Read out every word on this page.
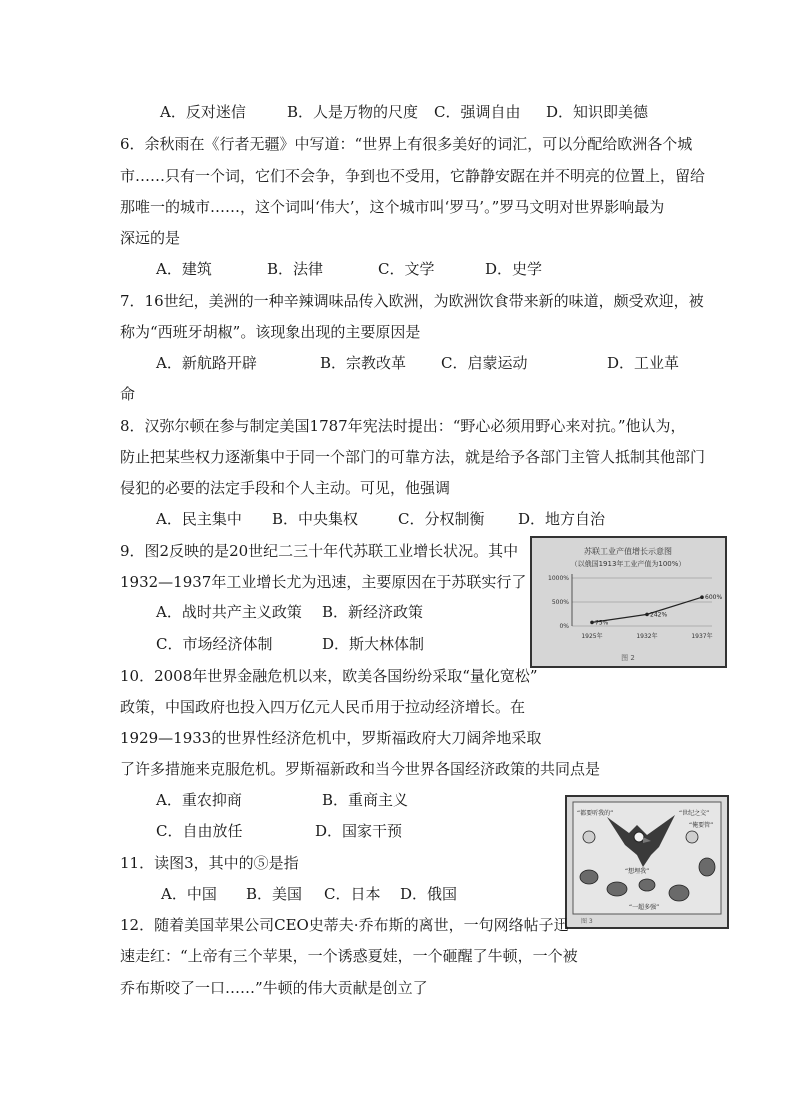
A．反对迷信	B．人是万物的尺度 C．强调自由 D．知识即美德
6．余秋雨在《行者无疆》中写道：“世界上有很多美好的词汇，可以分配给欧洲各个城
市……只有一个词，它们不会争，争到也不受用，它静静安踞在并不明亮的位置上，留给
那唯一的城市……，这个词叫‘伟大’，这个城市叫‘罗马’。”罗马文明对世界影响最为
深远的是
A．建筑	B．法律	C．文学	D．史学
7．16世纪，美洲的一种辛辣调味品传入欧洲，为欧洲饮食带来新的味道，颇受欢迎，被
称为“西班牙胡椒”。该现象出现的主要原因是
A．新航路开辟	B．宗教改革 C．启蒙运动	D．工业革
命
8．汉弥尔顿在参与制定美国1787年宪法时提出：“野心必须用野心来对抗。”他认为，
防止把某些权力逐渐集中于同一个部门的可靠方法，就是给予各部门主管人抵制其他部门
侵犯的必要的法定手段和个人主动。可见，他强调
A．民主集中 B．中央集权	C．分权制衡 D．地方自治
9．图2反映的是20世纪二三十年代苏联工业增长状况。其中
1932—1937年工业增长尤为迅速，主要原因在于苏联实行了
A．战时共产主义政策 B．新经济政策
C．市场经济体制	D．斯大林体制
苏联工业产值增长示意图
（以俄国1913年工业产值为100%）
1000%
500%
0%
75%
1925年
242%
1932年
600%
1937年
图 2
10．2008年世界金融危机以来，欧美各国纷纷采取“量化宽松”
政策，中国政府也投入四万亿元人民币用于拉动经济增长。在
1929—1933的世界性经济危机中，罗斯福政府大刀阔斧地采取
了许多措施来克服危机。罗斯福新政和当今世界各国经济政策的共同点是
A．重农抑商	B．重商主义
C．自由放任	D．国家干预
11．读图3，其中的⑤是指
A．中国 B．美国 C．日本 D．俄国
“都要听我的”	“世纪之交”
“俺要管”
“想埋我”
“一超多强”
图 3
12．随着美国苹果公司CEO史蒂夫·乔布斯的离世，一句网络帖子迅
速走红：“上帝有三个苹果，一个诱惑夏娃，一个砸醒了牛顿，一个被
乔布斯咬了一口……”牛顿的伟大贡献是创立了
